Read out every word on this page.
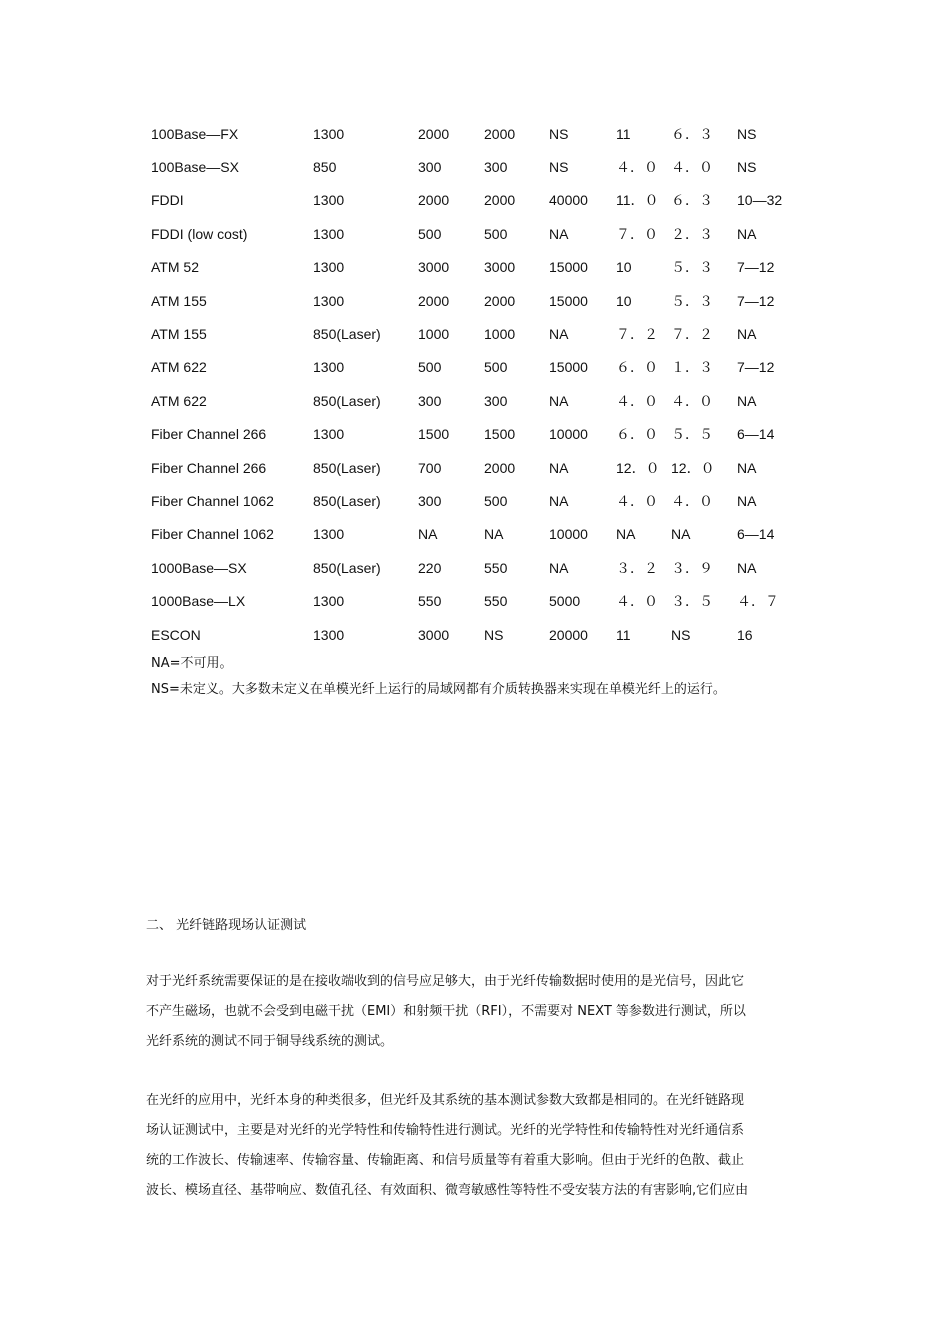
100Base—FX	1300	2000	2000	NS	11	６．３	NS
100Base—SX	850	300	300	NS	４．０	４．０	NS
FDDI	1300	2000	2000	40000	11．０	６．３	10—32
FDDI (low cost)	1300	500	500	NA	７．０	２．３	NA
ATM 52	1300	3000	3000	15000	10	５．３	7—12
ATM 155	1300	2000	2000	15000	10	５．３	7—12
ATM 155	850(Laser)	1000	1000	NA	７．２	７．２	NA
ATM 622	1300	500	500	15000	６．０	１．３	7—12
ATM 622	850(Laser)	300	300	NA	４．０	４．０	NA
Fiber Channel 266	1300	1500	1500	10000	６．０	５．５	6—14
Fiber Channel 266	850(Laser)	700	2000	NA	12．０	12．０	NA
Fiber Channel 1062	850(Laser)	300	500	NA	４．０	４．０	NA
Fiber Channel 1062	1300	NA	NA	10000	NA	NA	6—14
1000Base—SX	850(Laser)	220	550	NA	３．２	３．９	NA
1000Base—LX	1300	550	550	5000	４．０	３．５	４．７
ESCON	1300	3000	NS	20000	11	NS	16
NA=不可用。
NS=未定义。大多数未定义在单模光纤上运行的局域网都有介质转换器来实现在单模光纤上的运行。
二、 光纤链路现场认证测试
对于光纤系统需要保证的是在接收端收到的信号应足够大，由于光纤传输数据时使用的是光信号，因此它
不产生磁场，也就不会受到电磁干扰（EMI）和射频干扰（RFI），不需要对 NEXT 等参数进行测试，所以
光纤系统的测试不同于铜导线系统的测试。
在光纤的应用中，光纤本身的种类很多，但光纤及其系统的基本测试参数大致都是相同的。在光纤链路现
场认证测试中，主要是对光纤的光学特性和传输特性进行测试。光纤的光学特性和传输特性对光纤通信系
统的工作波长、传输速率、传输容量、传输距离、和信号质量等有着重大影响。但由于光纤的色散、截止
波长、模场直径、基带响应、数值孔径、有效面积、微弯敏感性等特性不受安装方法的有害影响,它们应由
